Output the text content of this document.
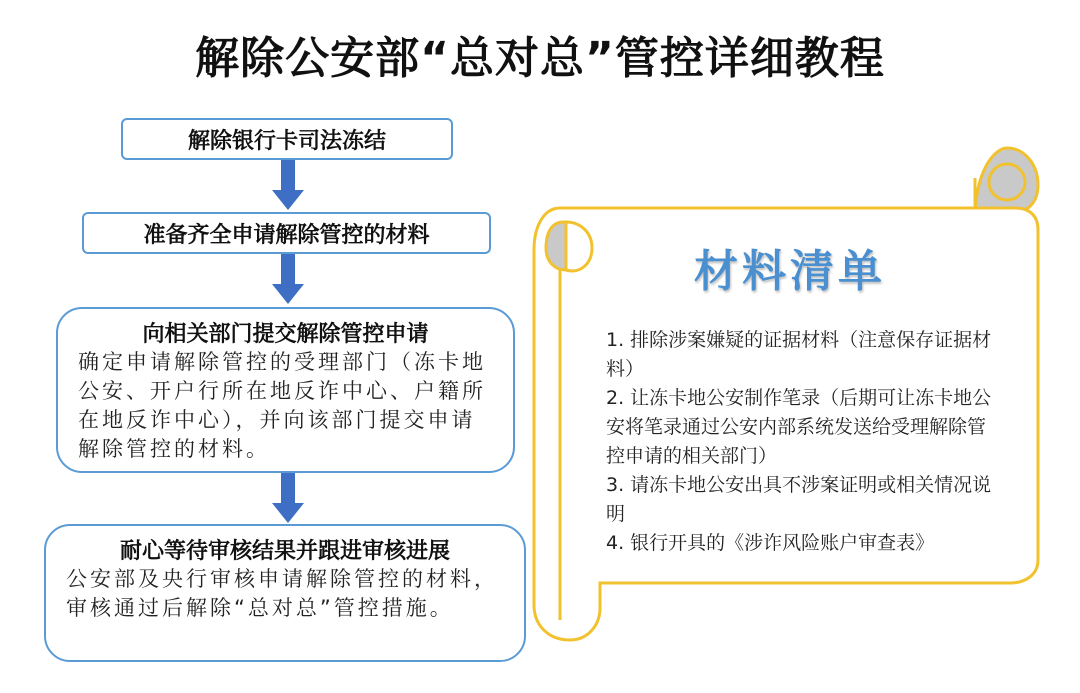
解除公安部“总对总”管控详细教程
解除银行卡司法冻结
准备齐全申请解除管控的材料
向相关部门提交解除管控申请
确定申请解除管控的受理部门（冻卡地公安、开户行所在地反诈中心、户籍所在地反诈中心），并向该部门提交申请解除管控的材料。
耐心等待审核结果并跟进审核进展
公安部及央行审核申请解除管控的材料，审核通过后解除“总对总”管控措施。
材料清单
1. 排除涉案嫌疑的证据材料（注意保存证据材料）
2. 让冻卡地公安制作笔录（后期可让冻卡地公安将笔录通过公安内部系统发送给受理解除管控申请的相关部门）
3. 请冻卡地公安出具不涉案证明或相关情况说明
4. 银行开具的《涉诈风险账户审查表》
